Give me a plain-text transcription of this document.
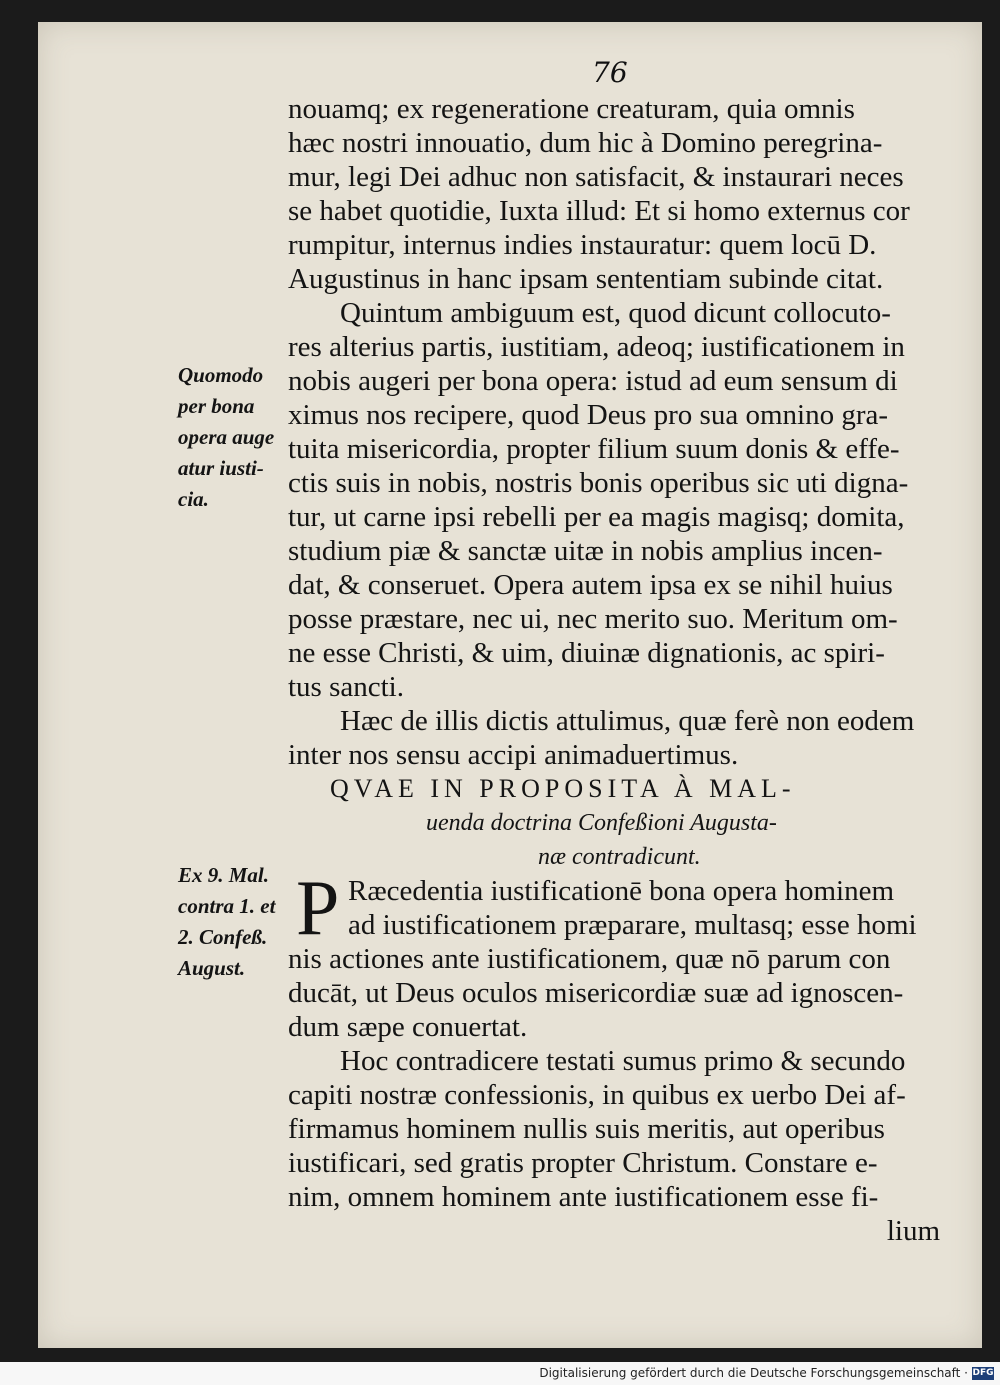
76
Quomodo
per bona
opera auge
atur iusti-
cia.
Ex 9. Mal.
contra 1. et
2. Confeß.
August.
nouamq; ex regeneratione creaturam, quia omnis
hæc nostri innouatio, dum hic à Domino peregrina-
mur, legi Dei adhuc non satisfacit, & instaurari neces
se habet quotidie, Iuxta illud: Et si homo externus cor
rumpitur, internus indies instauratur: quem locū D.
Augustinus in hanc ipsam sententiam subinde citat.
Quintum ambiguum est, quod dicunt collocuto-
res alterius partis, iustitiam, adeoq; iustificationem in
nobis augeri per bona opera: istud ad eum sensum di
ximus nos recipere, quod Deus pro sua omnino gra-
tuita misericordia, propter filium suum donis & effe-
ctis suis in nobis, nostris bonis operibus sic uti digna-
tur, ut carne ipsi rebelli per ea magis magisq; domita,
studium piæ & sanctæ uitæ in nobis amplius incen-
dat, & conseruet. Opera autem ipsa ex se nihil huius
posse præstare, nec ui, nec merito suo. Meritum om-
ne esse Christi, & uim, diuinæ dignationis, ac spiri-
tus sancti.
Hæc de illis dictis attulimus, quæ ferè non eodem
inter nos sensu accipi animaduertimus.
QVAE IN PROPOSITA À MAL-
uenda doctrina Confeßioni Augusta-
næ contradicunt.
P Ræcedentia iustificationē bona opera hominem
ad iustificationem præparare, multasq; esse homi
nis actiones ante iustificationem, quæ nō parum con
ducāt, ut Deus oculos misericordiæ suæ ad ignoscen-
dum sæpe conuertat.
Hoc contradicere testati sumus primo & secundo
capiti nostræ confessionis, in quibus ex uerbo Dei af-
firmamus hominem nullis suis meritis, aut operibus
iustificari, sed gratis propter Christum. Constare e-
nim, omnem hominem ante iustificationem esse fi-
lium
Digitalisierung gefördert durch die Deutsche Forschungsgemeinschaft · DFG
